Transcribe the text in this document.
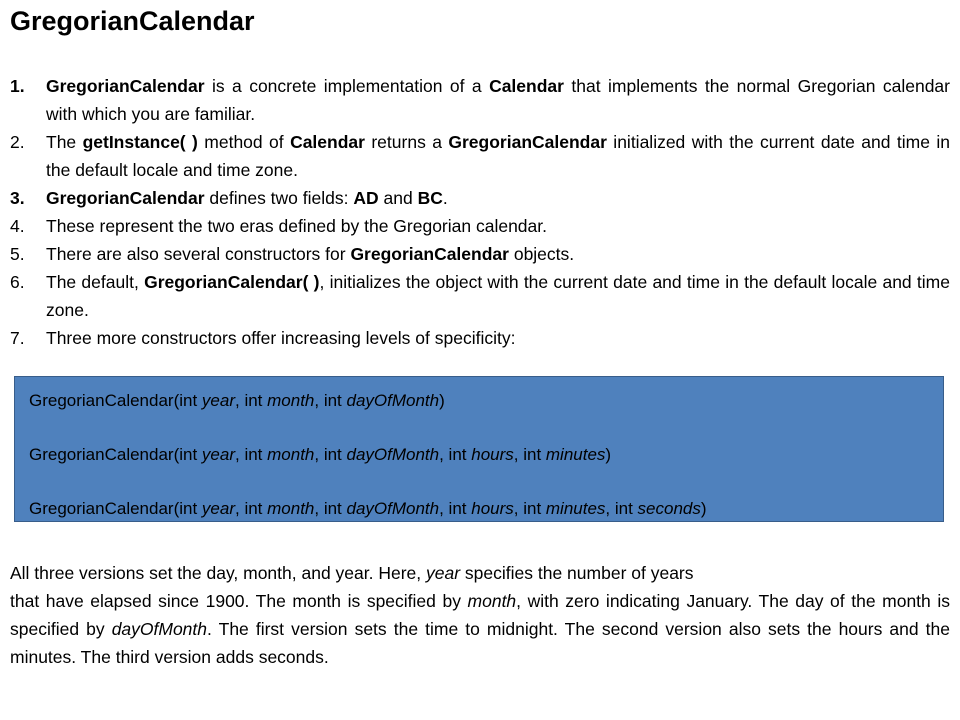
GregorianCalendar
1. GregorianCalendar is a concrete implementation of a Calendar that implements the normal Gregorian calendar with which you are familiar.
2. The getInstance( ) method of Calendar returns a GregorianCalendar initialized with the current date and time in the default locale and time zone.
3. GregorianCalendar defines two fields: AD and BC.
4. These represent the two eras defined by the Gregorian calendar.
5. There are also several constructors for GregorianCalendar objects.
6. The default, GregorianCalendar( ), initializes the object with the current date and time in the default locale and time zone.
7. Three more constructors offer increasing levels of specificity:
GregorianCalendar(int year, int month, int dayOfMonth)
GregorianCalendar(int year, int month, int dayOfMonth, int hours, int minutes)
GregorianCalendar(int year, int month, int dayOfMonth, int hours, int minutes, int seconds)

All three versions set the day, month, and year. Here, year specifies the number of years
that have elapsed since 1900. The month is specified by month, with zero indicating January. The day of the month is specified by dayOfMonth. The first version sets the time to midnight. The second version also sets the hours and the minutes. The third version adds seconds.
